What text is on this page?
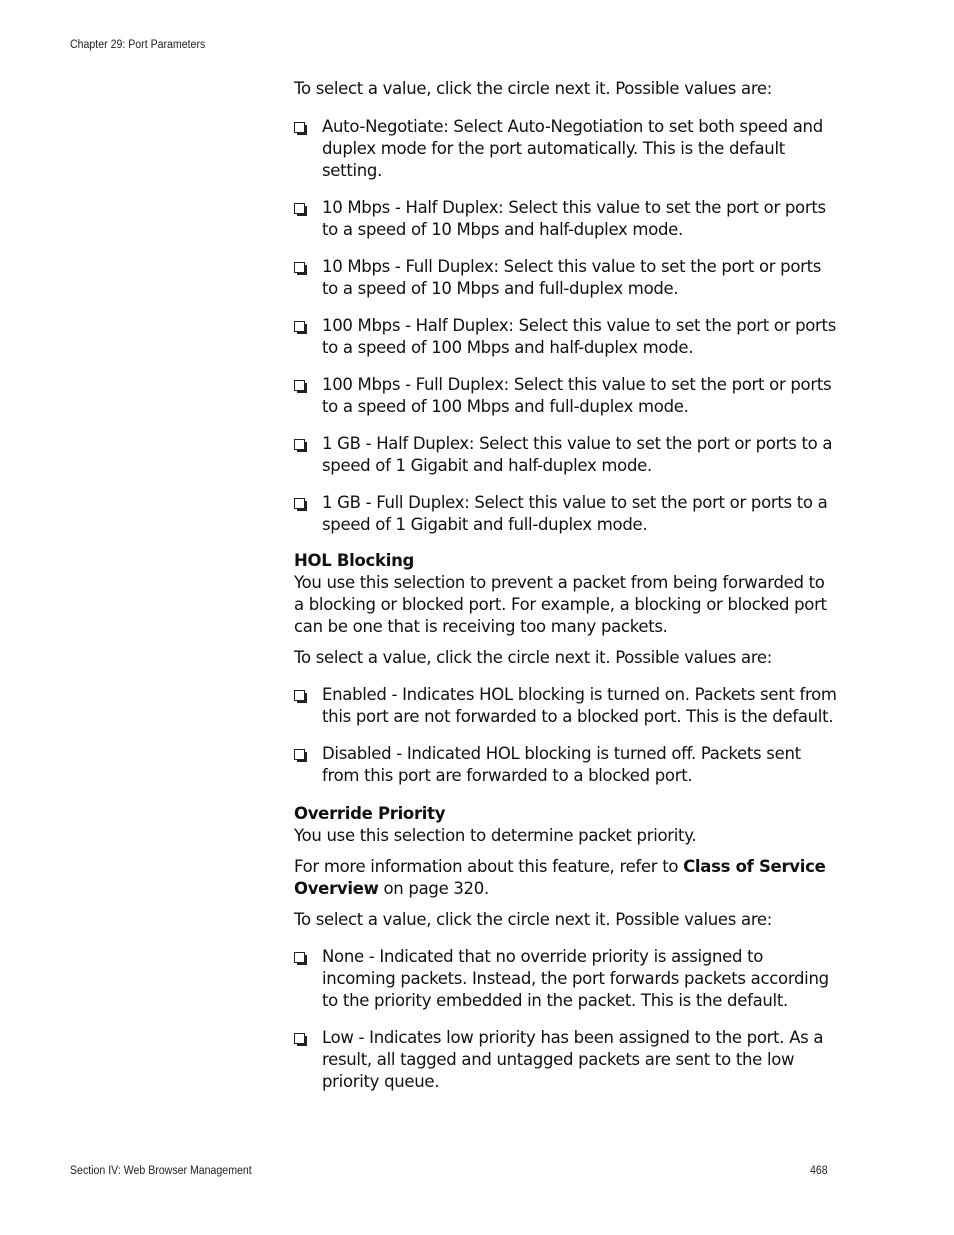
Chapter 29: Port Parameters

To select a value, click the circle next it. Possible values are:

Auto-Negotiate: Select Auto-Negotiation to set both speed and duplex mode for the port automatically. This is the default setting.
10 Mbps - Half Duplex: Select this value to set the port or ports to a speed of 10 Mbps and half-duplex mode.
10 Mbps - Full Duplex: Select this value to set the port or ports to a speed of 10 Mbps and full-duplex mode.
100 Mbps - Half Duplex: Select this value to set the port or ports to a speed of 100 Mbps and half-duplex mode.
100 Mbps - Full Duplex: Select this value to set the port or ports to a speed of 100 Mbps and full-duplex mode.
1 GB - Half Duplex: Select this value to set the port or ports to a speed of 1 Gigabit and half-duplex mode.
1 GB - Full Duplex: Select this value to set the port or ports to a speed of 1 Gigabit and full-duplex mode.
HOL Blocking

You use this selection to prevent a packet from being forwarded to a blocking or blocked port. For example, a blocking or blocked port can be one that is receiving too many packets.

To select a value, click the circle next it. Possible values are:

Enabled - Indicates HOL blocking is turned on. Packets sent from this port are not forwarded to a blocked port. This is the default.
Disabled - Indicated HOL blocking is turned off. Packets sent from this port are forwarded to a blocked port.
Override Priority

You use this selection to determine packet priority.

For more information about this feature, refer to Class of Service Overview on page 320.

To select a value, click the circle next it. Possible values are:

None - Indicated that no override priority is assigned to incoming packets. Instead, the port forwards packets according to the priority embedded in the packet. This is the default.
Low - Indicates low priority has been assigned to the port. As a result, all tagged and untagged packets are sent to the low priority queue.
Section IV: Web Browser Management	468
